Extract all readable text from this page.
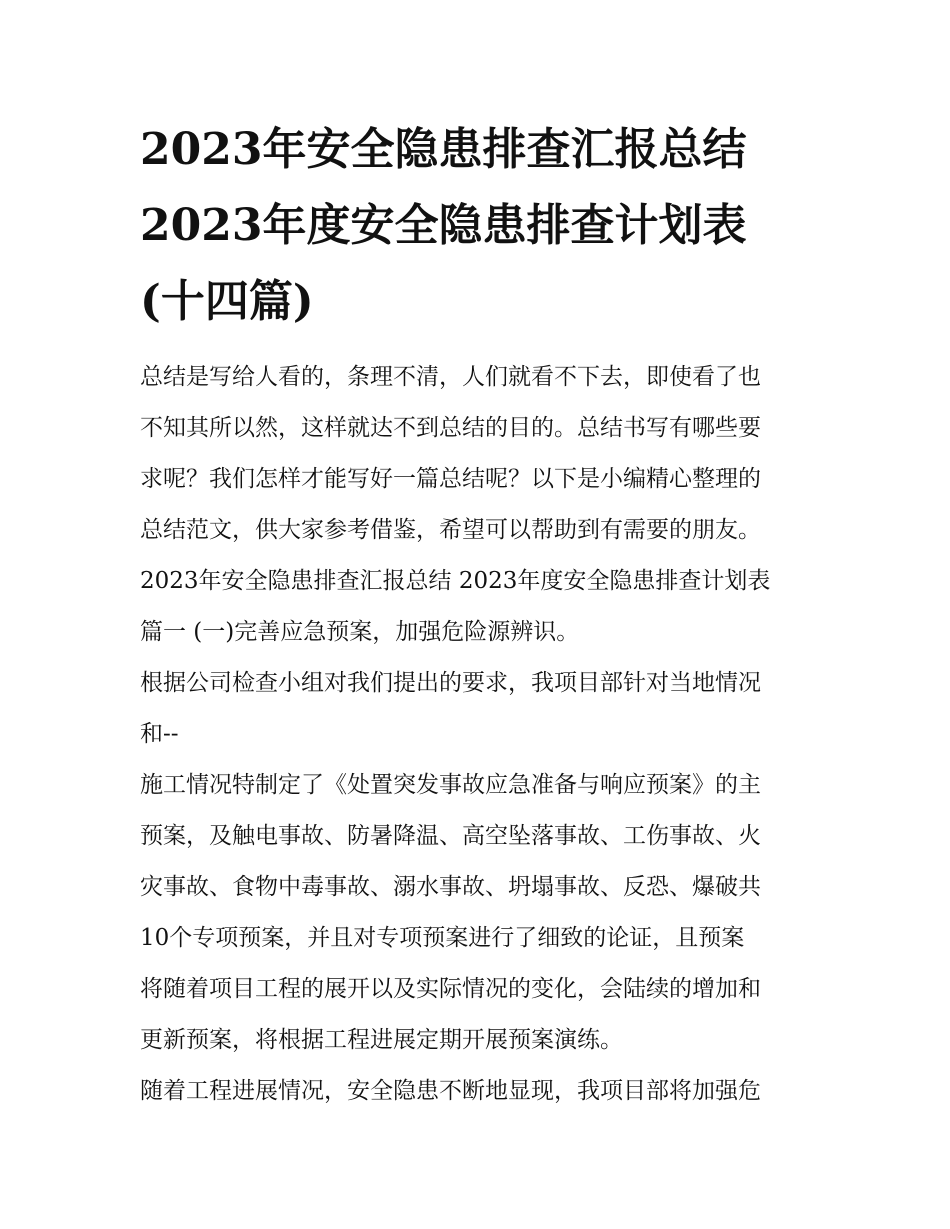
2023年安全隐患排查汇报总结
2023年度安全隐患排查计划表
(十四篇)
总结是写给人看的，条理不清，人们就看不下去，即使看了也
不知其所以然，这样就达不到总结的目的。总结书写有哪些要
求呢？我们怎样才能写好一篇总结呢？以下是小编精心整理的
总结范文，供大家参考借鉴，希望可以帮助到有需要的朋友。
2023年安全隐患排查汇报总结 2023年度安全隐患排查计划表
篇一 (一)完善应急预案，加强危险源辨识。
根据公司检查小组对我们提出的要求，我项目部针对当地情况
和--
施工情况特制定了《处置突发事故应急准备与响应预案》的主
预案，及触电事故、防暑降温、高空坠落事故、工伤事故、火
灾事故、食物中毒事故、溺水事故、坍塌事故、反恐、爆破共
10个专项预案，并且对专项预案进行了细致的论证，且预案
将随着项目工程的展开以及实际情况的变化，会陆续的增加和
更新预案，将根据工程进展定期开展预案演练。
随着工程进展情况，安全隐患不断地显现，我项目部将加强危
